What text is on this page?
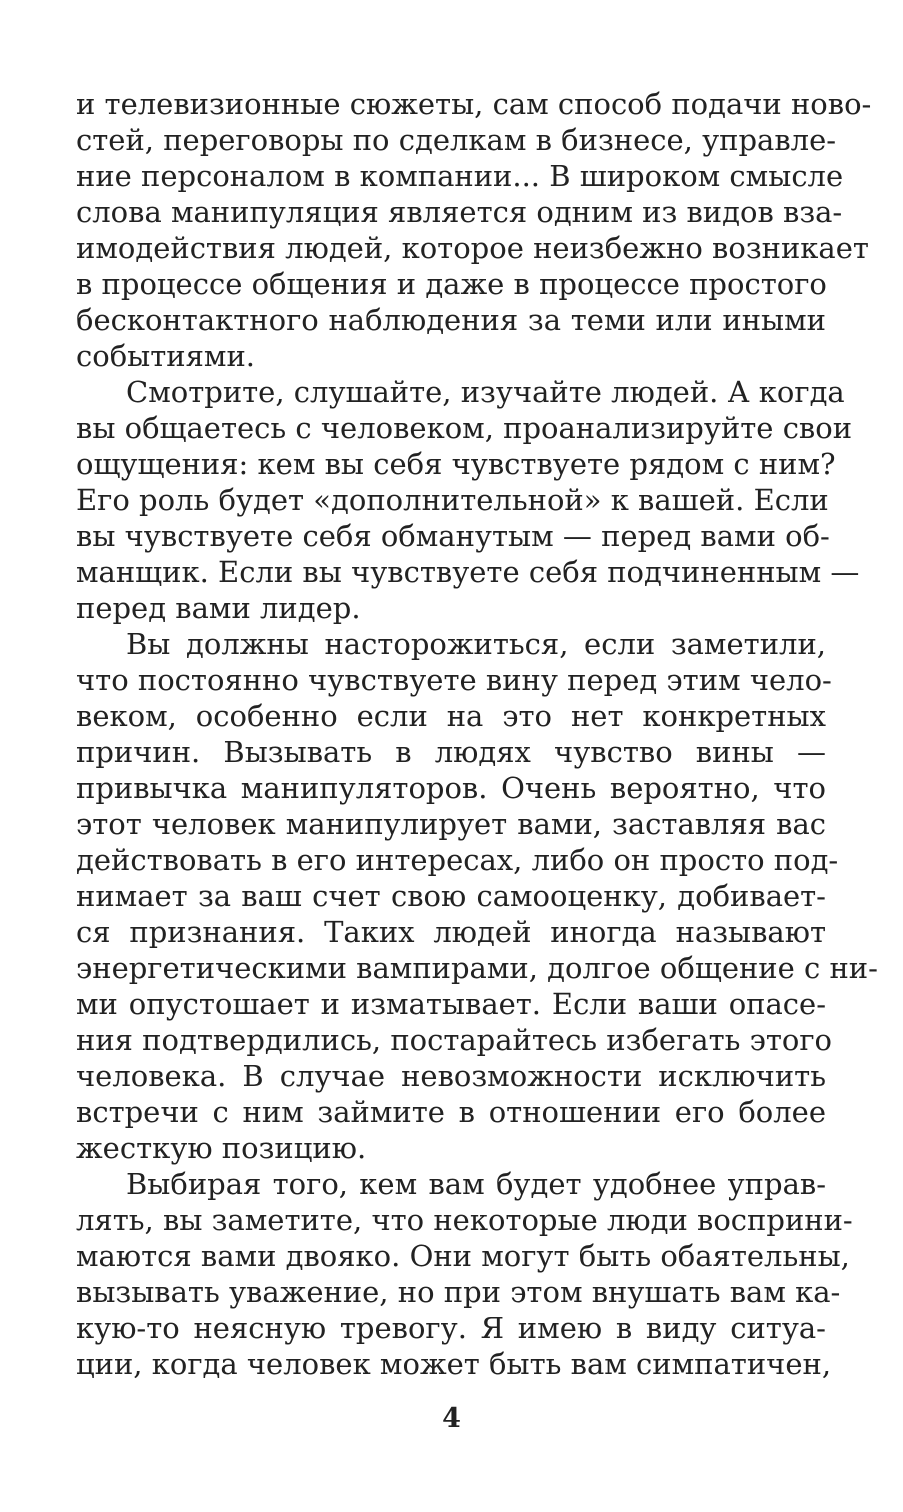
и телевизионные сюжеты, сам способ подачи ново-
стей, переговоры по сделкам в бизнесе, управле-
ние персоналом в компании... В широком смысле
слова манипуляция является одним из видов вза-
имодействия людей, которое неизбежно возникает
в процессе общения и даже в процессе простого
бесконтактного наблюдения за теми или иными
событиями.
Смотрите, слушайте, изучайте людей. А когда
вы общаетесь с человеком, проанализируйте свои
ощущения: кем вы себя чувствуете рядом с ним?
Его роль будет «дополнительной» к вашей. Если
вы чувствуете себя обманутым — перед вами об-
манщик. Если вы чувствуете себя подчиненным —
перед вами лидер.
Вы должны насторожиться, если заметили,
что постоянно чувствуете вину перед этим чело-
веком, особенно если на это нет конкретных
причин. Вызывать в людях чувство вины —
привычка манипуляторов. Очень вероятно, что
этот человек манипулирует вами, заставляя вас
действовать в его интересах, либо он просто под-
нимает за ваш счет свою самооценку, добивает-
ся признания. Таких людей иногда называют
энергетическими вампирами, долгое общение с ни-
ми опустошает и изматывает. Если ваши опасе-
ния подтвердились, постарайтесь избегать этого
человека. В случае невозможности исключить
встречи с ним займите в отношении его более
жесткую позицию.
Выбирая того, кем вам будет удобнее управ-
лять, вы заметите, что некоторые люди восприни-
маются вами двояко. Они могут быть обаятельны,
вызывать уважение, но при этом внушать вам ка-
кую-то неясную тревогу. Я имею в виду ситуа-
ции, когда человек может быть вам симпатичен,
4
